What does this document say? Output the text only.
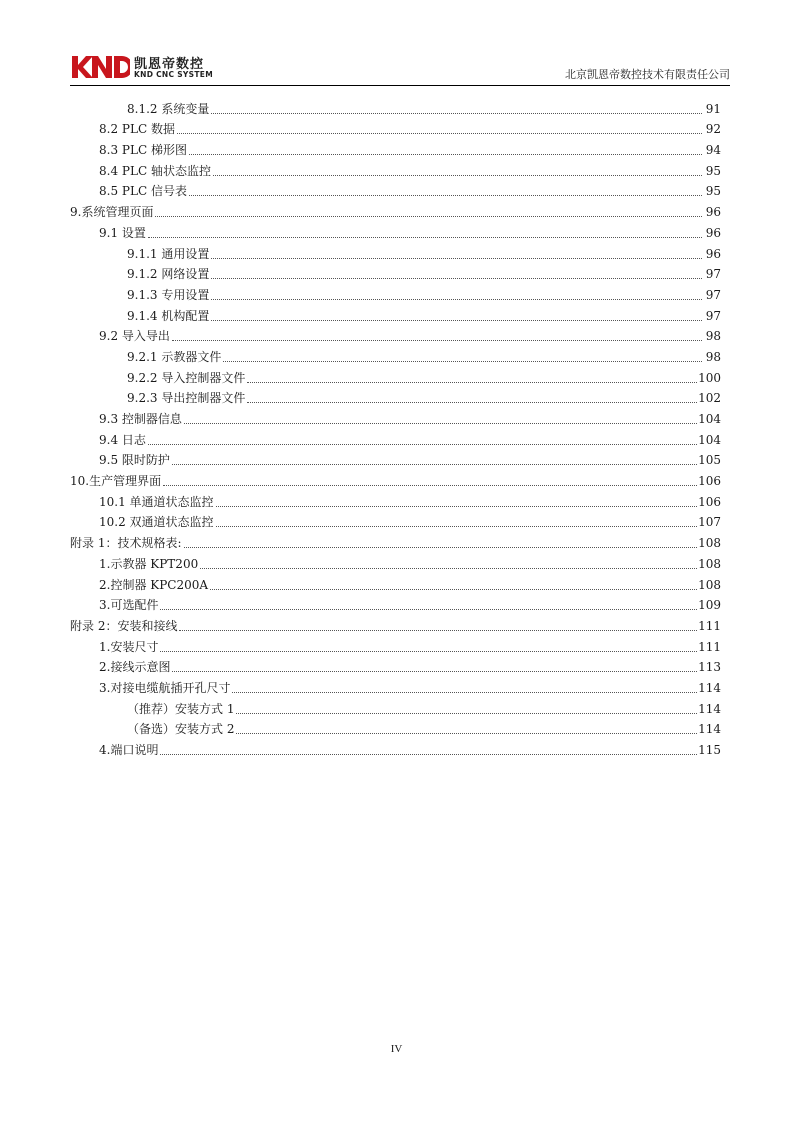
凯恩帝数控
KND CNC SYSTEM	北京凯恩帝数控技术有限责任公司
8.1.2 系统变量	91
8.2 PLC 数据	92
8.3 PLC 梯形图	94
8.4 PLC 轴状态监控	95
8.5 PLC 信号表	95
9.系统管理页面	96
9.1 设置	96
9.1.1 通用设置	96
9.1.2 网络设置	97
9.1.3 专用设置	97
9.1.4 机构配置	97
9.2 导入导出	98
9.2.1 示教器文件	98
9.2.2 导入控制器文件	100
9.2.3 导出控制器文件	102
9.3 控制器信息	104
9.4 日志	104
9.5 限时防护	105
10.生产管理界面	106
10.1 单通道状态监控	106
10.2 双通道状态监控	107
附录 1：技术规格表:	108
1.示教器 KPT200	108
2.控制器 KPC200A	108
3.可选配件	109
附录 2：安装和接线	111
1.安装尺寸	111
2.接线示意图	113
3.对接电缆航插开孔尺寸	114
（推荐）安装方式 1	114
（备选）安装方式 2	114
4.端口说明	115
IV
